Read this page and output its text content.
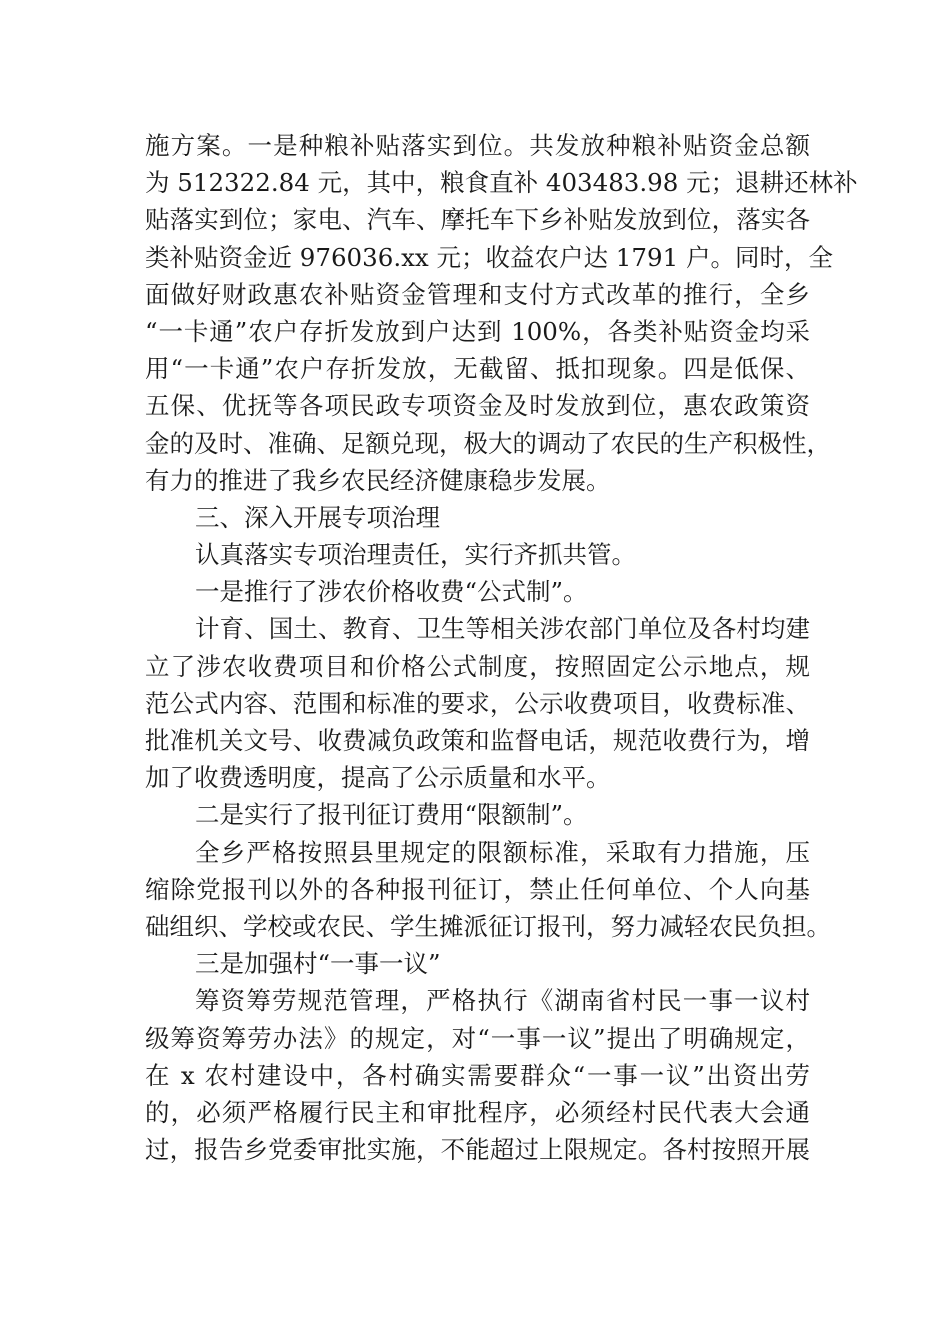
施方案。一是种粮补贴落实到位。共发放种粮补贴资金总额
为 512322.84 元，其中，粮食直补 403483.98 元；退耕还林补
贴落实到位；家电、汽车、摩托车下乡补贴发放到位，落实各
类补贴资金近 976036.xx 元；收益农户达 1791 户。同时，全
面做好财政惠农补贴资金管理和支付方式改革的推行，全乡
“一卡通”农户存折发放到户达到 100%，各类补贴资金均采
用“一卡通”农户存折发放，无截留、抵扣现象。四是低保、
五保、优抚等各项民政专项资金及时发放到位，惠农政策资
金的及时、准确、足额兑现，极大的调动了农民的生产积极性，
有力的推进了我乡农民经济健康稳步发展。
三、深入开展专项治理
认真落实专项治理责任，实行齐抓共管。
一是推行了涉农价格收费“公式制”。
计育、国土、教育、卫生等相关涉农部门单位及各村均建
立了涉农收费项目和价格公式制度，按照固定公示地点，规
范公式内容、范围和标准的要求，公示收费项目，收费标准、
批准机关文号、收费减负政策和监督电话，规范收费行为，增
加了收费透明度，提高了公示质量和水平。
二是实行了报刊征订费用“限额制”。
全乡严格按照县里规定的限额标准，采取有力措施，压
缩除党报刊以外的各种报刊征订，禁止任何单位、个人向基
础组织、学校或农民、学生摊派征订报刊，努力减轻农民负担。
三是加强村“一事一议”
筹资筹劳规范管理，严格执行《湖南省村民一事一议村
级筹资筹劳办法》的规定，对“一事一议”提出了明确规定，
在 x 农村建设中，各村确实需要群众“一事一议”出资出劳
的，必须严格履行民主和审批程序，必须经村民代表大会通
过，报告乡党委审批实施，不能超过上限规定。各村按照开展
